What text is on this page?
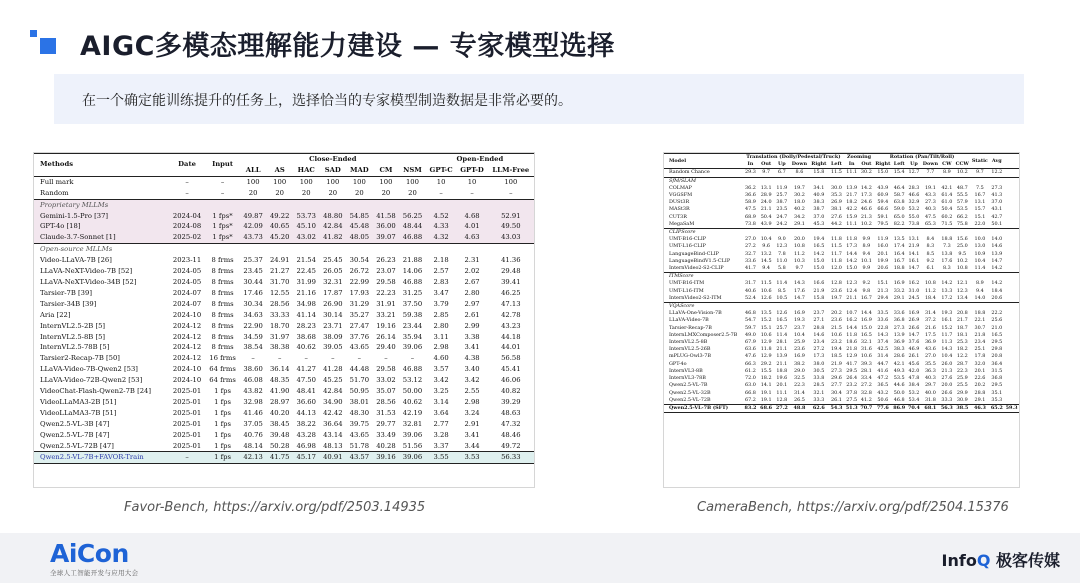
AIGC多模态理解能力建设 — 专家模型选择
在一个确定能训练提升的任务上，选择恰当的专家模型制造数据是非常必要的。
Methods	Date	Input	Close-Ended							Open-Ended		
			ALL	AS	HAC	SAD	MAD	CM	NSM	GPT-C	GPT-D	LLM-Free
Full mark	–	–	100	100	100	100	100	100	100	10	10	100
Random	–	–	20	20	20	20	20	20	20	–	–	–
Proprietary MLLMs												
Gemini-1.5-Pro [37]	2024-04	1 fps*	49.87	49.22	53.73	48.80	54.85	41.58	56.25	4.52	4.68	52.91
GPT-4o [18]	2024-08	1 fps*	42.09	40.65	45.10	42.84	45.48	36.00	48.44	4.33	4.01	49.50
Claude-3.7-Sonnet [1]	2025-02	1 fps*	43.73	45.20	43.02	41.82	48.05	39.07	46.88	4.32	4.63	43.03
Open-source MLLMs												
Video-LLaVA-7B [26]	2023-11	8 frms	25.37	24.91	21.54	25.45	30.54	26.23	21.88	2.18	2.31	41.36
LLaVA-NeXT-Video-7B [52]	2024-05	8 frms	23.45	21.27	22.45	26.05	26.72	23.07	14.06	2.57	2.02	29.48
LLaVA-NeXT-Video-34B [52]	2024-05	8 frms	30.44	31.70	31.99	32.31	22.99	29.58	46.88	2.83	2.67	39.41
Tarsier-7B [39]	2024-07	8 frms	17.46	12.55	21.16	17.87	17.93	22.23	31.25	3.47	2.80	46.25
Tarsier-34B [39]	2024-07	8 frms	30.34	28.56	34.98	26.90	31.29	31.91	37.50	3.79	2.97	47.13
Aria [22]	2024-10	8 frms	34.63	33.33	41.14	30.14	35.27	33.21	59.38	2.85	2.61	42.78
InternVL2.5-2B [5]	2024-12	8 frms	22.90	18.70	28.23	23.71	27.47	19.16	23.44	2.80	2.99	43.23
InternVL2.5-8B [5]	2024-12	8 frms	34.59	31.97	38.68	38.09	37.76	26.14	35.94	3.11	3.38	44.18
InternVL2.5-78B [5]	2024-12	8 frms	38.54	38.38	40.62	39.05	43.65	29.40	39.06	2.98	3.41	44.01
Tarsier2-Recap-7B [50]	2024-12	16 frms	–	–	–	–	–	–	–	4.60	4.38	56.58
LLaVA-Video-7B-Qwen2 [53]	2024-10	64 frms	38.60	36.14	41.27	41.28	44.48	29.58	46.88	3.57	3.40	45.41
LLaVA-Video-72B-Qwen2 [53]	2024-10	64 frms	46.08	48.35	47.50	45.25	51.70	33.02	53.12	3.42	3.42	46.06
VideoChat-Flash-Qwen2-7B [24]	2025-01	1 fps	43.82	41.90	48.41	42.84	50.95	35.07	50.00	3.25	2.55	40.82
VideoLLaMA3-2B [51]	2025-01	1 fps	32.98	28.97	36.60	34.90	38.01	28.56	40.62	3.14	2.98	39.29
VideoLLaMA3-7B [51]	2025-01	1 fps	41.46	40.20	44.13	42.42	48.30	31.53	42.19	3.64	3.24	48.63
Qwen2.5-VL-3B [47]	2025-01	1 fps	37.05	38.45	38.22	36.64	39.75	29.77	32.81	2.77	2.91	47.32
Qwen2.5-VL-7B [47]	2025-01	1 fps	40.76	39.48	43.28	43.14	43.65	33.49	39.06	3.28	3.41	48.46
Qwen2.5-VL-72B [47]	2025-01	1 fps	48.14	50.28	46.98	48.13	51.78	40.28	51.56	3.37	3.44	49.72
Qwen2.5-VL-7B+FAVOR-Train	–	1 fps	42.13	41.75	45.17	40.91	43.57	39.16	39.06	3.55	3.53	56.33
Model	Translation (Dolly/Pedestal/Truck)						Zooming		Rotation (Pan/Tilt/Roll)						Static	Avg	
	In	Out	Up	Down	Right	Left	In	Out	Right	Left	Up	Down	CW	CCW			
Random Chance	29.3	9.7	6.7	8.6	15.8	11.5	11.1	30.2	15.0	15.4	12.7	7.7	8.9	10.2	9.7	12.2	
SfM/SLAM																	
COLMAP	36.2	13.1	11.9	19.7	34.1	30.0	13.9	14.2	43.9	46.4	28.3	19.1	42.1	48.7	7.5	27.3	
VGGSFM	36.6	28.9	25.7	30.2	40.9	35.3	21.7	17.3	60.9	58.7	46.6	43.3	61.4	55.5	16.7	41.3	
DUSt3R	58.9	24.0	38.7	18.0	38.3	26.9	18.2	24.6	59.4	63.8	32.9	27.3	61.0	57.9	13.1	37.0	
MASt3R	47.5	21.1	23.5	40.2	38.7	38.1	42.2	46.6	66.6	59.0	53.2	40.3	50.4	53.5	15.7	43.1	
CUT3R	68.9	50.4	24.7	34.2	37.0	27.6	15.9	21.3	59.1	65.0	55.0	47.5	60.2	66.2	15.1	42.7	
MegaSaM	73.8	43.9	24.2	29.1	45.3	44.2	11.1	10.2	79.5	82.2	73.8	65.3	71.5	75.8	22.0	50.1	
CLIPScore																	
UMT-B16-CLIP	27.0	10.4	9.0	20.0	19.4	11.8	11.8	9.9	11.9	13.5	13.1	8.4	18.8	15.6	10.0	14.0	
UMT-L16-CLIP	27.2	9.6	12.3	10.8	16.5	11.5	17.3	8.9	16.0	17.4	21.9	8.3	7.3	25.0	13.0	14.6	
LanguageBind-CLIP	32.7	13.2	7.8	11.2	14.2	11.7	14.4	9.4	20.1	16.4	14.1	8.5	13.8	9.5	10.9	13.9	
LanguageBindV1.5-CLIP	33.6	14.5	11.0	10.3	15.0	11.8	14.2	10.1	19.9	16.7	16.1	9.2	17.6	10.2	10.4	14.7	
InternVideo2-S2-CLIP	41.7	9.4	5.8	9.7	15.0	12.0	15.0	9.9	20.6	18.8	14.7	6.1	8.3	10.8	11.4	14.2	
ITMScore																	
UMT-B16-ITM	31.7	11.5	11.4	14.3	16.6	12.8	12.3	9.2	15.1	16.9	16.2	10.8	14.2	12.1	8.9	14.2	
UMT-L16-ITM	40.6	10.6	8.5	17.6	21.9	23.6	12.4	9.8	21.3	33.2	31.0	11.2	13.3	12.3	9.4	18.4	
InternVideo2-S2-ITM	52.4	12.6	10.5	14.7	15.8	19.7	21.1	16.7	29.4	29.1	24.5	18.4	17.2	13.4	14.0	20.6	
VQAScore																	
LLaVA-One-Vision-7B	46.8	13.5	12.6	16.9	23.7	20.2	10.7	14.4	33.5	33.6	16.9	31.4	19.3	20.8	18.8	22.2	
LLaVA-Video-7B	54.7	15.2	16.5	19.3	27.1	23.6	16.2	16.9	33.6	36.8	26.9	37.2	16.1	21.7	22.1	25.6	
Tarsier-Recap-7B	59.7	15.1	25.7	23.7	28.8	21.5	14.4	15.0	22.8	27.3	26.6	21.6	15.2	18.7	30.7	21.0	
InternLMXComposer2.5-7B	49.0	10.6	11.4	10.4	14.6	10.6	11.8	16.5	14.3	13.9	14.7	17.5	11.7	18.1	21.8	16.5	
InternVL2.5-8B	67.9	12.9	28.1	25.9	23.4	23.2	18.6	32.1	37.4	36.9	37.6	36.9	11.3	25.3	23.4	29.5	
InternVL2.5-26B	63.6	11.8	21.1	23.6	27.2	19.4	21.8	31.6	42.5	38.3	46.9	43.6	14.3	18.2	25.1	29.8	
mPLUG-Owl3-7B	47.6	12.9	13.9	16.9	17.3	18.5	12.9	10.6	31.4	28.6	26.1	27.0	10.4	12.2	17.8	20.8	
GPT-4o	66.3	29.2	21.1	38.2	38.0	21.9	41.7	39.3	44.7	42.1	45.6	35.5	26.0	28.7	32.0	36.4	
InternVL3-8B	61.2	15.5	18.8	29.0	30.5	27.3	29.5	28.1	41.6	49.3	42.0	36.3	21.3	22.3	20.1	31.5	
InternVL3-78B	72.0	18.2	19.6	32.5	33.8	29.6	26.4	33.4	47.2	53.5	47.8	40.3	27.6	25.9	22.6	36.8	
Qwen2.5-VL-7B	63.0	14.1	20.1	22.3	28.5	27.7	23.2	27.2	36.5	44.6	38.4	29.7	20.0	25.5	20.2	29.5	
Qwen2.5-VL-32B	66.8	19.1	11.1	31.4	32.1	30.4	37.8	32.8	43.2	50.0	53.2	40.0	26.6	29.9	28.8	35.1	
Qwen2.5-VL-72B	67.2	19.1	12.8	26.5	33.3	26.1	27.5	41.2	50.6	46.8	53.4	31.8	33.3	30.9	29.1	35.3	
Qwen2.5-VL-7B (SFT)	83.2	68.6	27.2	48.8	62.6	54.3	51.3	70.7	77.6	86.9	70.4	68.1	56.3	38.5	46.3	65.2	59.3
Favor-Bench, https://arxiv.org/pdf/2503.14935	CameraBench, https://arxiv.org/pdf/2504.15376
AiCon
全球人工智能开发与应用大会
InfoQ 极客传媒
